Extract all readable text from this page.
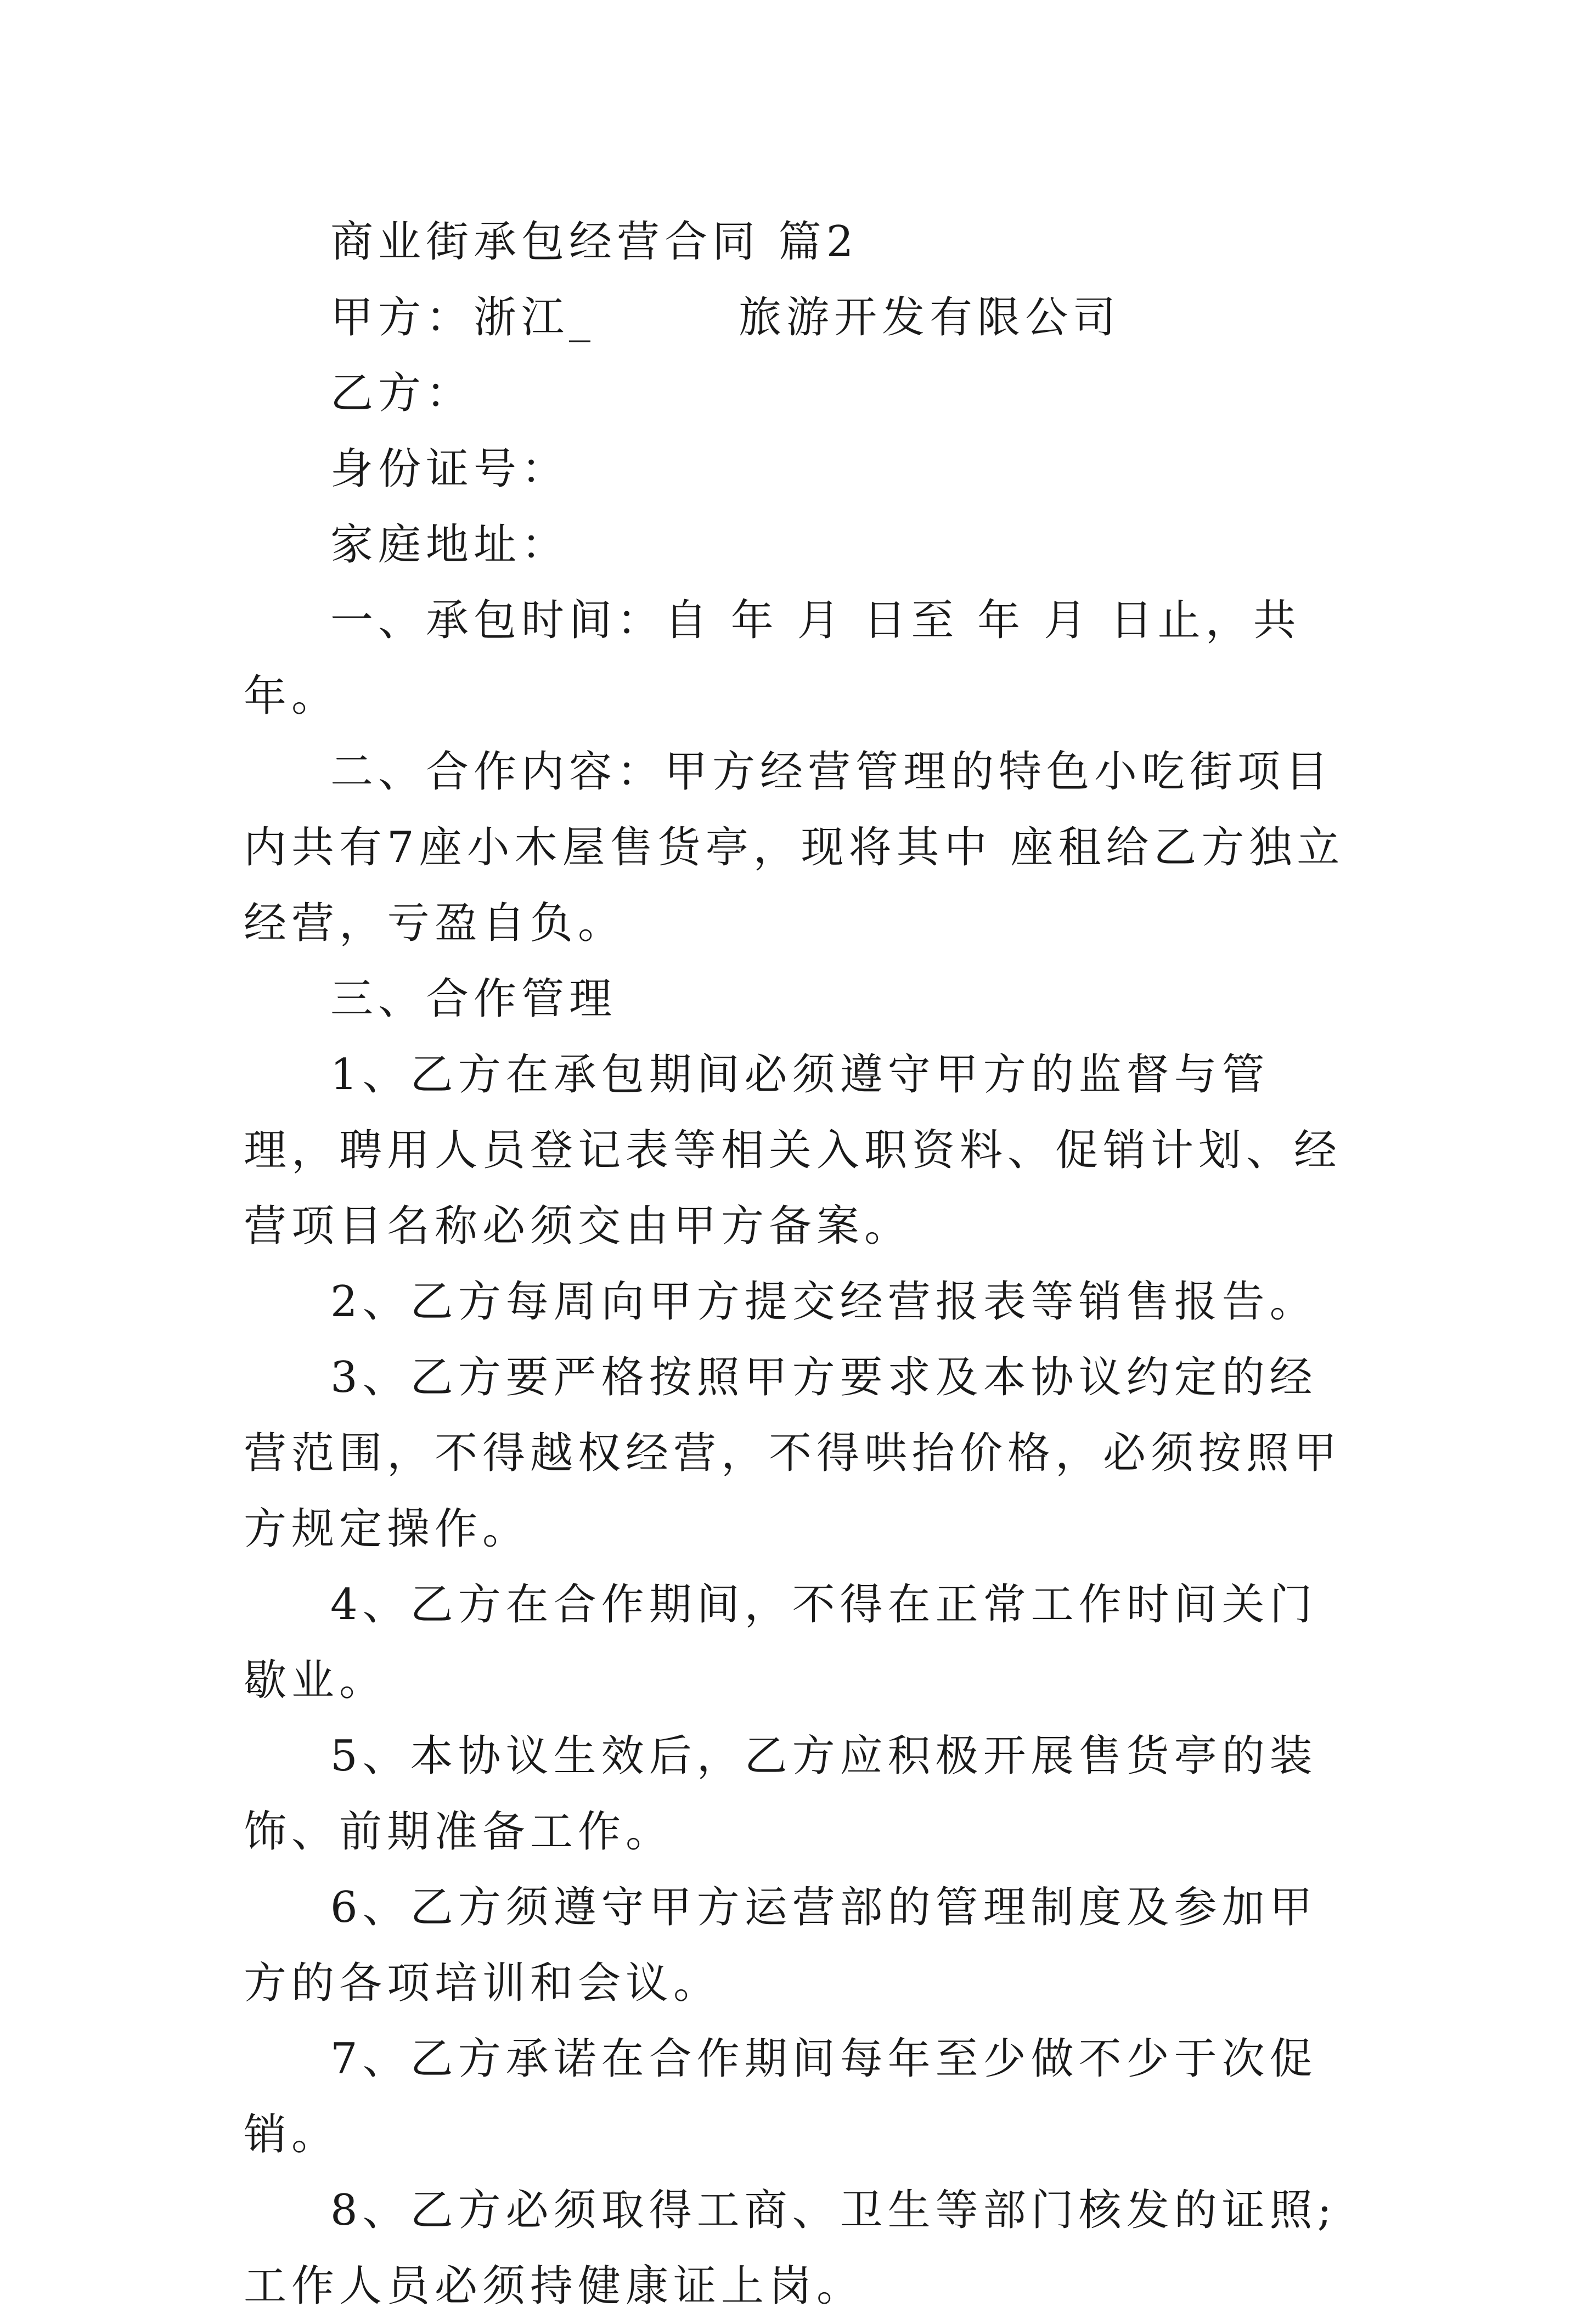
商业街承包经营合同 篇2

甲方：浙江_　　　旅游开发有限公司

乙方：

身份证号：

家庭地址：

一、承包时间：自 年 月 日至 年 月 日止，共 年。

二、合作内容：甲方经营管理的特色小吃街项目内共有7座小木屋售货亭，现将其中 座租给乙方独立经营，亏盈自负。

三、合作管理

1、乙方在承包期间必须遵守甲方的监督与管理，聘用人员登记表等相关入职资料、促销计划、经营项目名称必须交由甲方备案。

2、乙方每周向甲方提交经营报表等销售报告。

3、乙方要严格按照甲方要求及本协议约定的经营范围，不得越权经营，不得哄抬价格，必须按照甲方规定操作。

4、乙方在合作期间，不得在正常工作时间关门歇业。

5、本协议生效后，乙方应积极开展售货亭的装饰、前期准备工作。

6、乙方须遵守甲方运营部的管理制度及参加甲方的各项培训和会议。

7、乙方承诺在合作期间每年至少做不少于次促销。

8、乙方必须取得工商、卫生等部门核发的证照;工作人员必须持健康证上岗。
